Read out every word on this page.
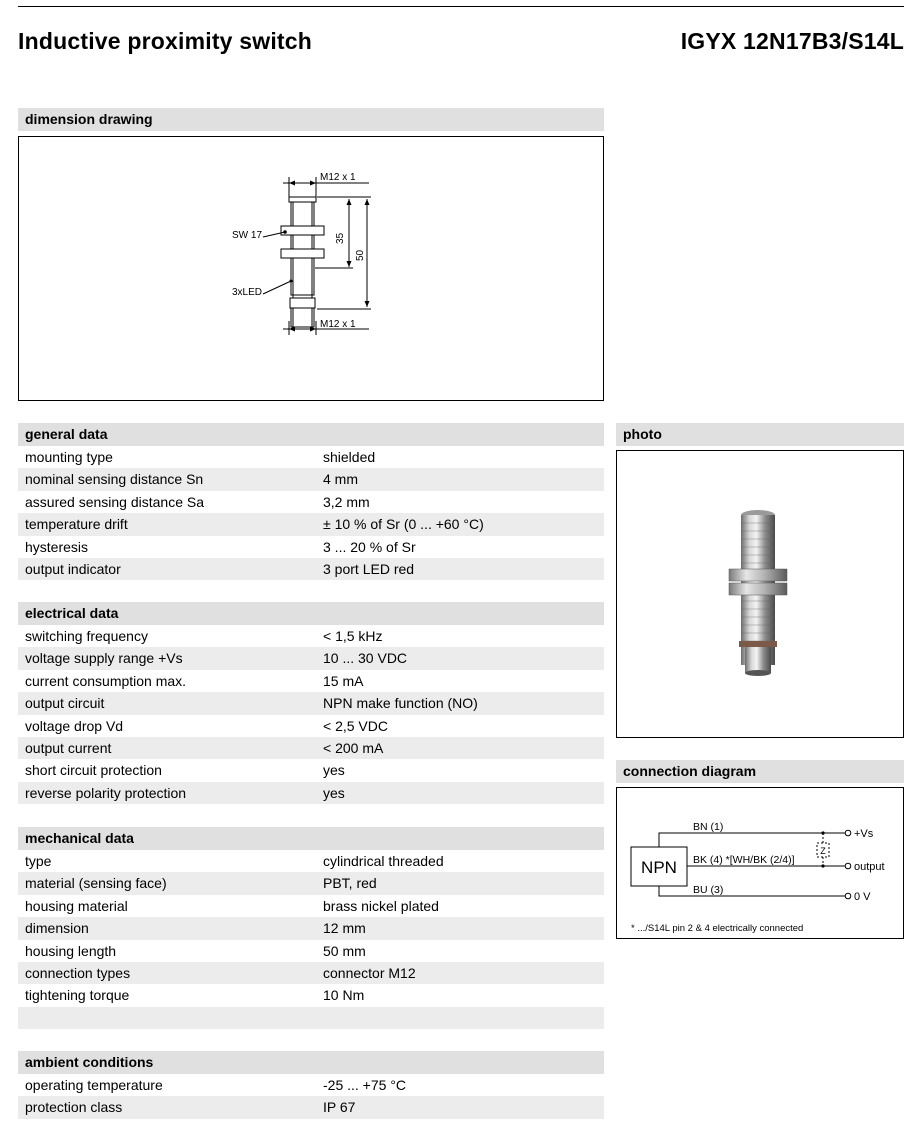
Inductive proximity switch	IGYX 12N17B3/S14L
dimension drawing
M12 x 1
M12 x 1
SW 17
3xLED
35
50
general data
mounting type	shielded
nominal sensing distance Sn	4 mm
assured sensing distance Sa	3,2 mm
temperature drift	± 10 % of Sr (0 ... +60 °C)
hysteresis	3 ... 20 % of Sr
output indicator	3 port LED red
electrical data
switching frequency	< 1,5 kHz
voltage supply range +Vs	10 ... 30 VDC
current consumption max.	15 mA
output circuit	NPN make function (NO)
voltage drop Vd	< 2,5 VDC
output current	< 200 mA
short circuit protection	yes
reverse polarity protection	yes
mechanical data
type	cylindrical threaded
material (sensing face)	PBT, red
housing material	brass nickel plated
dimension	12 mm
housing length	50 mm
connection types	connector M12
tightening torque	10 Nm
ambient conditions
operating temperature	-25 ... +75 °C
protection class	IP 67
photo
connection diagram
NPN
BN (1)
BK (4) *[WH/BK (2/4)]
BU (3)
+Vs
output
0 V
Z
* .../S14L pin 2 & 4 electrically connected
